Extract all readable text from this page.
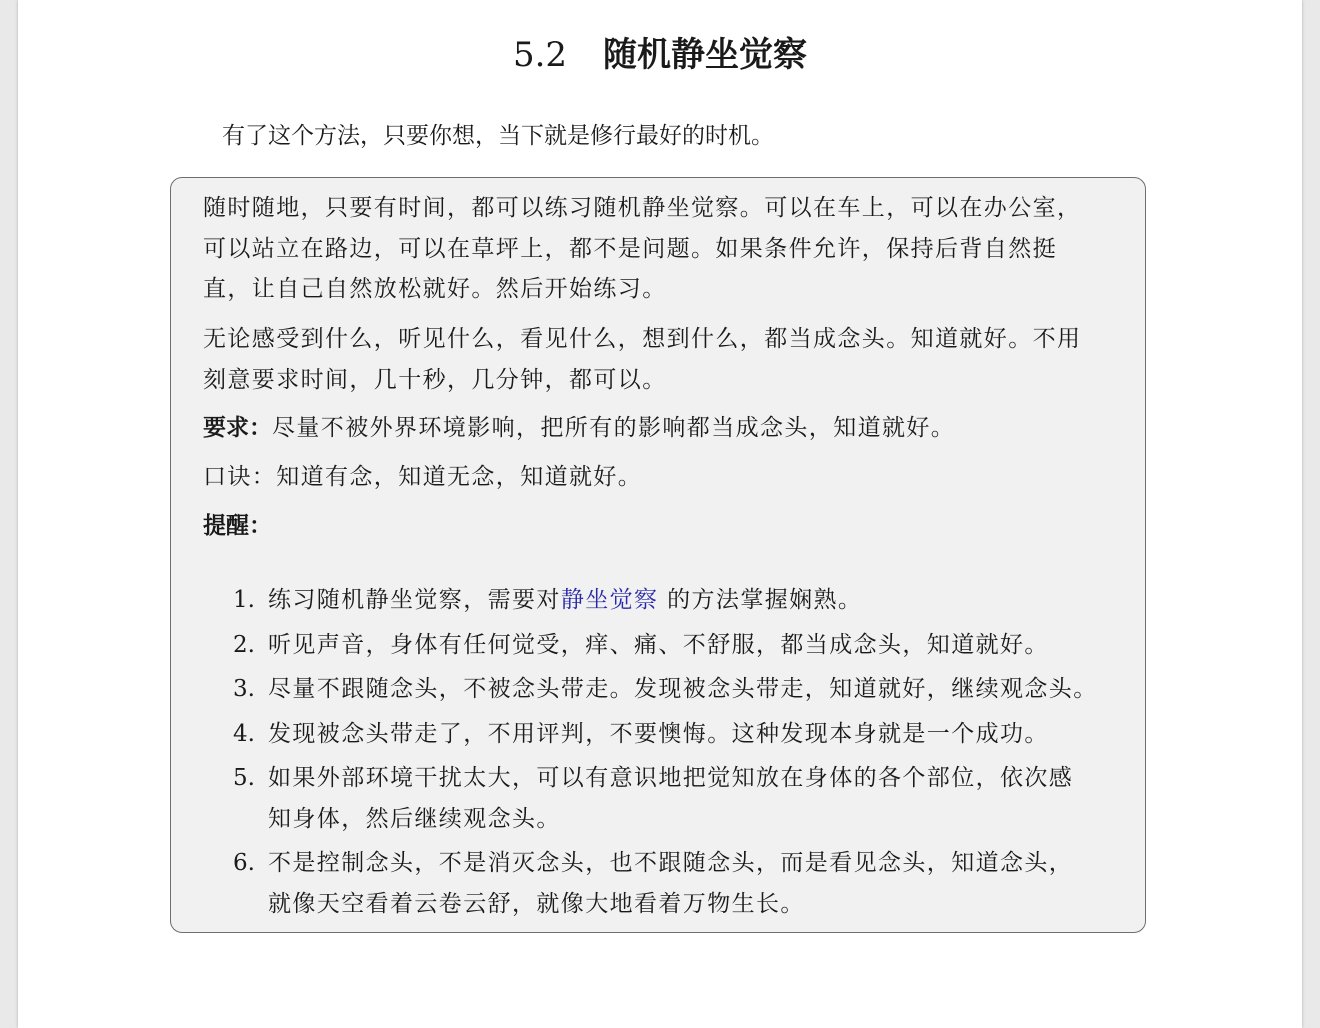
5.2 随机静坐觉察
有了这个方法，只要你想，当下就是修行最好的时机。
随时随地，只要有时间，都可以练习随机静坐觉察。可以在车上，可以在办公室，
可以站立在路边，可以在草坪上，都不是问题。如果条件允许，保持后背自然挺
直，让自己自然放松就好。然后开始练习。
无论感受到什么，听见什么，看见什么，想到什么，都当成念头。知道就好。不用
刻意要求时间，几十秒，几分钟，都可以。
要求：尽量不被外界环境影响，把所有的影响都当成念头，知道就好。
口诀：知道有念，知道无念，知道就好。
提醒：
1. 练习随机静坐觉察，需要对静坐觉察 的方法掌握娴熟。
2. 听见声音，身体有任何觉受，痒、痛、不舒服，都当成念头，知道就好。
3. 尽量不跟随念头，不被念头带走。发现被念头带走，知道就好，继续观念头。
4. 发现被念头带走了，不用评判，不要懊悔。这种发现本身就是一个成功。
5. 如果外部环境干扰太大，可以有意识地把觉知放在身体的各个部位，依次感
知身体，然后继续观念头。
6. 不是控制念头，不是消灭念头，也不跟随念头，而是看见念头，知道念头，
就像天空看着云卷云舒，就像大地看着万物生长。
